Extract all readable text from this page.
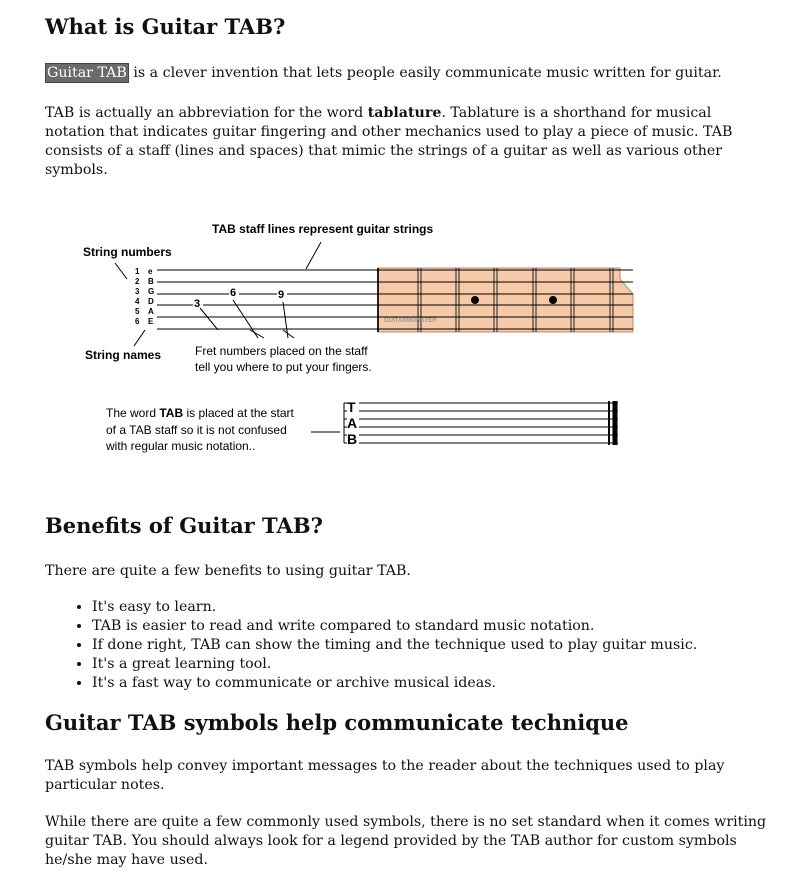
What is Guitar TAB?

Guitar TAB is a clever invention that lets people easily communicate music written for guitar.

TAB is actually an abbreviation for the word tablature. Tablature is a shorthand for musical notation that indicates guitar fingering and other mechanics used to play a piece of music. TAB consists of a staff (lines and spaces) that mimic the strings of a guitar as well as various other symbols.

Benefits of Guitar TAB?

There are quite a few benefits to using guitar TAB.

• It's easy to learn.
• TAB is easier to read and write compared to standard music notation.
• If done right, TAB can show the timing and the technique used to play guitar music.
• It's a great learning tool.
• It's a fast way to communicate or archive musical ideas.
Guitar TAB symbols help communicate technique

TAB symbols help convey important messages to the reader about the techniques used to play particular notes.

While there are quite a few commonly used symbols, there is no set standard when it comes writing guitar TAB. You should always look for a legend provided by the TAB author for custom symbols he/she may have used.

TAB staff lines represent guitar strings
String numbers
1
2
3
4
5
6
e
B
G
D
A
E	GUITARMONSTER
3
6	9
String names	Fret numbers placed on the staff
tell you where to put your fingers.
The word TAB is placed at the start
of a TAB staff so it is not confused
with regular music notation..
T
A
B
